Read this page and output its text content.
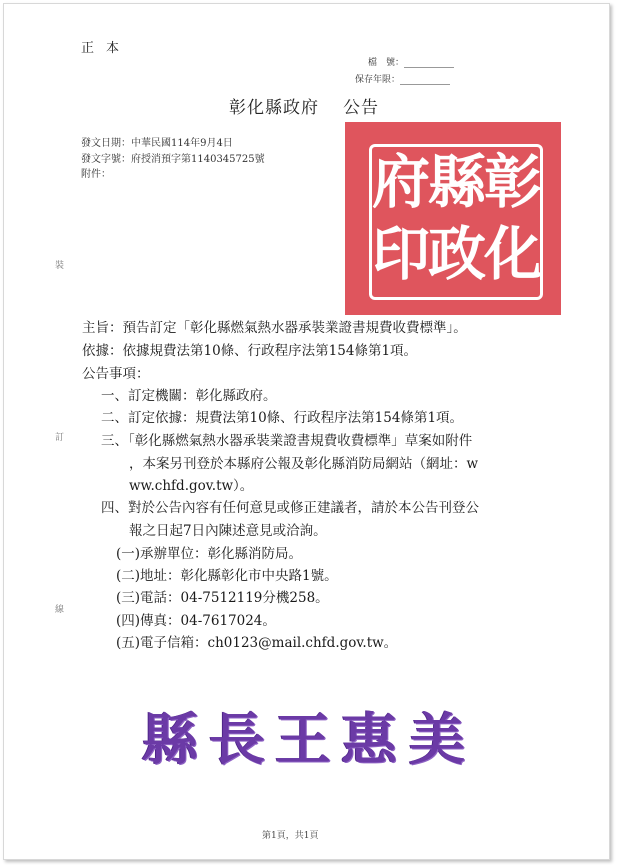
正本
檔　號：
保存年限：
彰化縣政府 公告
發文日期：中華民國114年9月4日
發文字號：府授消預字第1140345725號
附件：
裝
訂
線
彰
化
縣
政
府
印
主旨：預告訂定「彰化縣燃氣熱水器承裝業證書規費收費標準」。
依據：依據規費法第10條、行政程序法第154條第1項。
公告事項：
一、訂定機關：彰化縣政府。
二、訂定依據：規費法第10條、行政程序法第154條第1項。
三、「彰化縣燃氣熱水器承裝業證書規費收費標準」草案如附件
，本案另刊登於本縣府公報及彰化縣消防局網站（網址：w
ww.chfd.gov.tw）。
四、對於公告內容有任何意見或修正建議者，請於本公告刊登公
報之日起7日內陳述意見或洽詢。
(一)承辦單位：彰化縣消防局。
(二)地址：彰化縣彰化市中央路1號。
(三)電話：04-7512119分機258。
(四)傳真：04-7617024。
(五)電子信箱：ch0123@mail.chfd.gov.tw。
縣 長 王 惠 美
第1頁，共1頁
